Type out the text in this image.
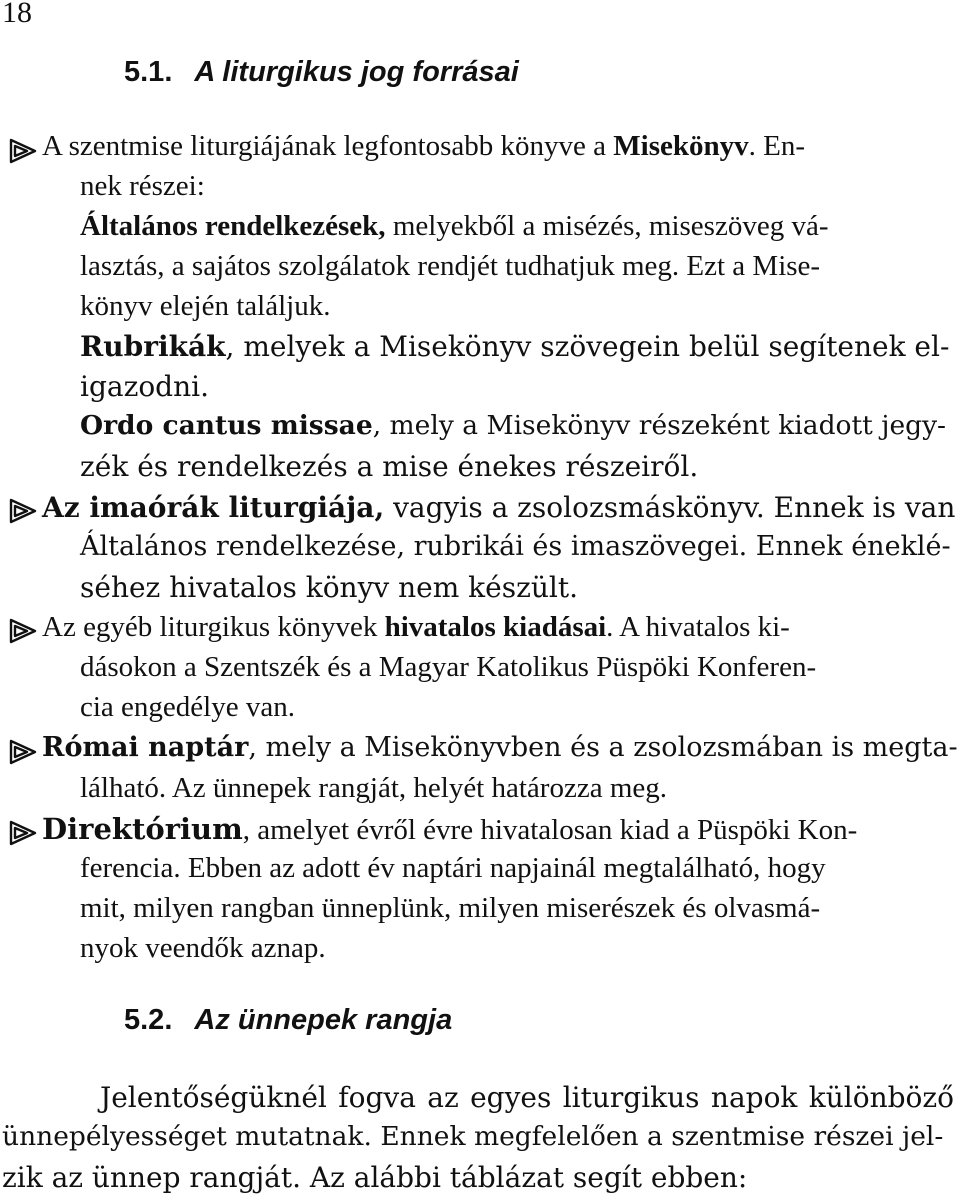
18
5.1. A liturgikus jog forrásai
A szentmise liturgiájának legfontosabb könyve a Misekönyv. En-
nek részei:
Általános rendelkezések, melyekből a misézés, miseszöveg vá-
lasztás, a sajátos szolgálatok rendjét tudhatjuk meg. Ezt a Mise-
könyv elején találjuk.
Rubrikák, melyek a Misekönyv szövegein belül segítenek el-
igazodni.
Ordo cantus missae, mely a Misekönyv részeként kiadott jegy-
zék és rendelkezés a mise énekes részeiről.
Az imaórák liturgiája, vagyis a zsolozsmáskönyv. Ennek is van
Általános rendelkezése, rubrikái és imaszövegei. Ennek éneklé-
séhez hivatalos könyv nem készült.
Az egyéb liturgikus könyvek hivatalos kiadásai. A hivatalos ki-
dásokon a Szentszék és a Magyar Katolikus Püspöki Konferen-
cia engedélye van.
Római naptár, mely a Misekönyvben és a zsolozsmában is megta-
lálható. Az ünnepek rangját, helyét határozza meg.
Direktórium, amelyet évről évre hivatalosan kiad a Püspöki Kon-
ferencia. Ebben az adott év naptári napjainál megtalálható, hogy
mit, milyen rangban ünneplünk, milyen miserészek és olvasmá-
nyok veendők aznap.
5.2. Az ünnepek rangja
Jelentőségüknél fogva az egyes liturgikus napok különböző
ünnepélyességet mutatnak. Ennek megfelelően a szentmise részei jel-
zik az ünnep rangját. Az alábbi táblázat segít ebben:
